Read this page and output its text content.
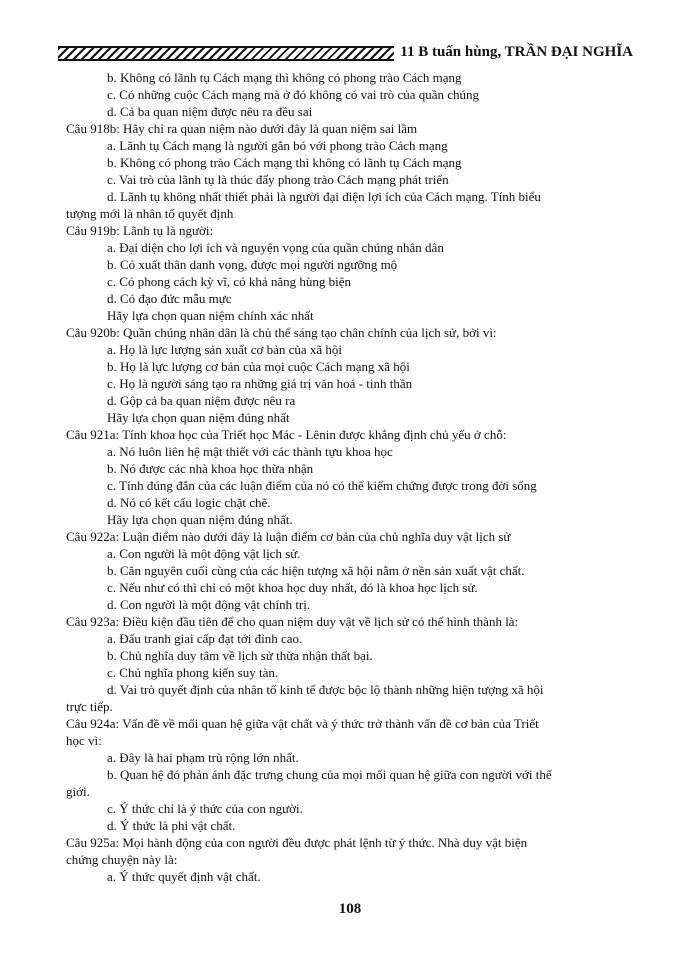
11 B tuấn hùng, TRẦN ĐẠI NGHĨA
b. Không có lãnh tụ Cách mạng thì không có phong trào Cách mạng
c. Có những cuộc Cách mạng mà ở đó không có vai trò của quần chúng
d. Cả ba quan niệm được nêu ra đều sai
Câu 918b: Hãy chỉ ra quan niệm nào dưới đây là quan niệm sai lầm
a. Lãnh tụ Cách mạng là người gắn bó với phong trào Cách mạng
b. Không có phong trào Cách mạng thì không có lãnh tụ Cách mạng
c. Vai trò của lãnh tụ là thúc đẩy phong trào Cách mạng phát triển
d. Lãnh tụ không nhất thiết phải là người đại diện lợi ích của Cách mạng. Tính biểu
tượng mới là nhân tố quyết định
Câu 919b: Lãnh tụ là người:
a. Đại diện cho lợi ích và nguyện vọng của quần chúng nhân dân
b. Có xuất thân danh vọng, được mọi người ngưỡng mộ
c. Có phong cách kỳ vĩ, có khả năng hùng biện
d. Có đạo đức mẫu mực
Hãy lựa chọn quan niệm chính xác nhất
Câu 920b: Quần chúng nhân dân là chủ thể sáng tạo chân chính của lịch sử, bởi vì:
a. Họ là lực lượng sản xuất cơ bản của xã hội
b. Họ là lực lượng cơ bản của mọi cuộc Cách mạng xã hội
c. Họ là người sáng tạo ra những giá trị văn hoá - tinh thần
d. Gộp cả ba quan niệm được nêu ra
Hãy lựa chọn quan niệm đúng nhất
Câu 921a: Tính khoa học của Triết học Mác - Lênin được khẳng định chủ yếu ở chỗ:
a. Nó luôn liên hệ mật thiết với các thành tựu khoa học
b. Nó được các nhà khoa học thừa nhận
c. Tính đúng đắn của các luận điểm của nó có thể kiểm chứng được trong đời sống
d. Nó có kết cấu logic chặt chẽ.
Hãy lựa chọn quan niệm đúng nhất.
Câu 922a: Luận điểm nào dưới đây là luận điểm cơ bản của chủ nghĩa duy vật lịch sử
a. Con người là một động vật lịch sử.
b. Căn nguyên cuối cùng của các hiện tượng xã hội nằm ở nền sản xuất vật chất.
c. Nếu như có thì chỉ có một khoa học duy nhất, đó là khoa học lịch sử.
d. Con người là một động vật chính trị.
Câu 923a: Điều kiện đầu tiên để cho quan niệm duy vật về lịch sử có thể hình thành là:
a. Đấu tranh giai cấp đạt tới đỉnh cao.
b. Chủ nghĩa duy tâm về lịch sử thừa nhận thất bại.
c. Chủ nghĩa phong kiến suy tàn.
d. Vai trò quyết định của nhân tố kinh tế được bộc lộ thành những hiện tượng xã hội
trực tiếp.
Câu 924a: Vấn đề về mối quan hệ giữa vật chất và ý thức trở thành vấn đề cơ bản của Triết
học vì:
a. Đây là hai phạm trù rộng lớn nhất.
b. Quan hệ đó phản ánh đặc trưng chung của mọi mối quan hệ giữa con người với thế
giới.
c. Ý thức chỉ là ý thức của con người.
d. Ý thức là phi vật chất.
Câu 925a: Mọi hành động của con người đều được phát lệnh từ ý thức. Nhà duy vật biện
chứng chuyện này là:
a. Ý thức quyết định vật chất.
108
